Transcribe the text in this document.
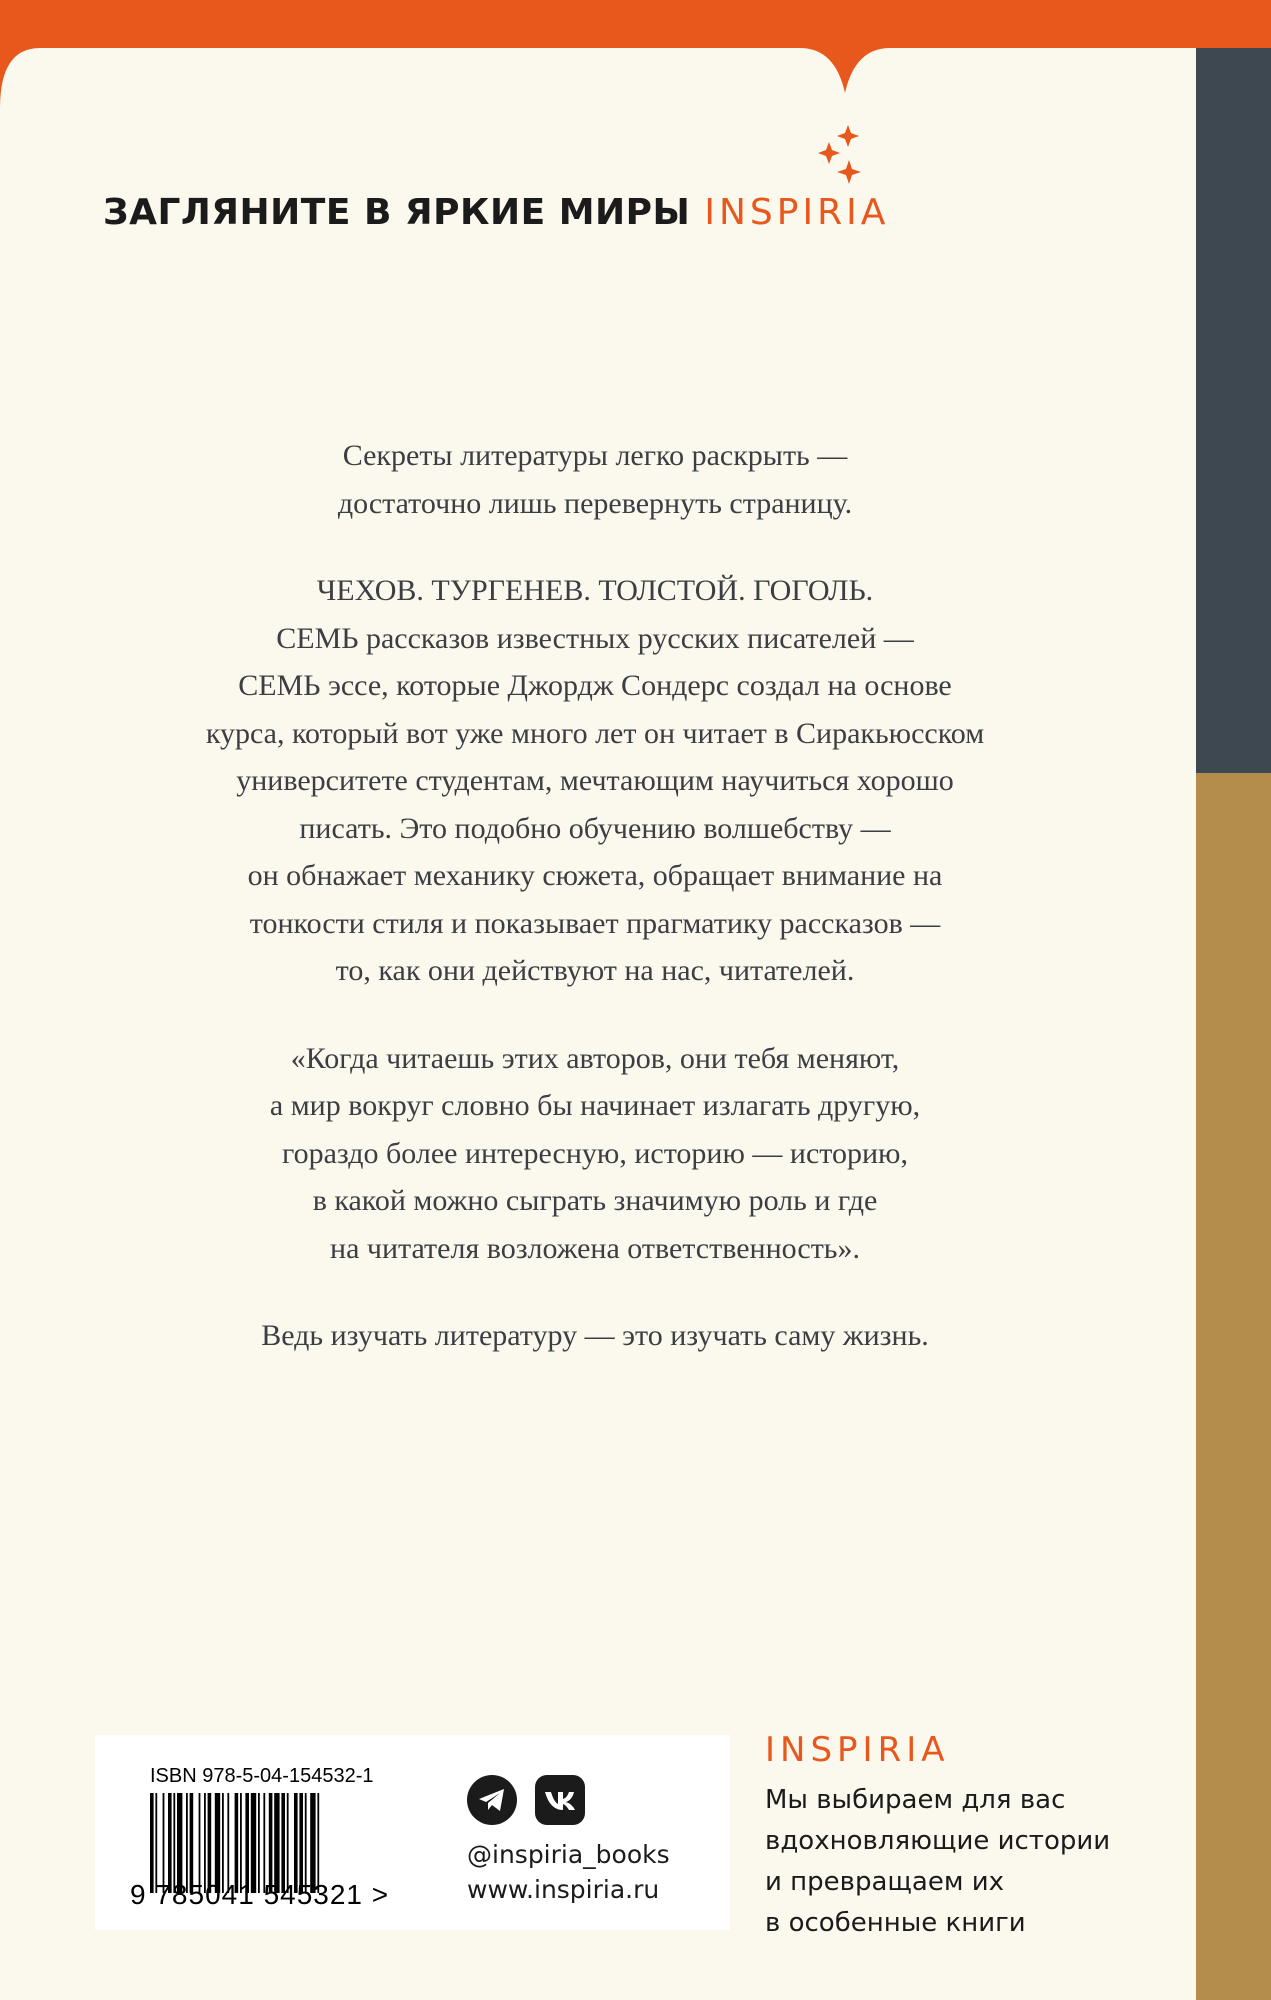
ЗАГЛЯНИТЕ В ЯРКИЕ МИРЫ INSPIRIA

Секреты литературы легко раскрыть —

достаточно лишь перевернуть страницу.

ЧЕХОВ. ТУРГЕНЕВ. ТОЛСТОЙ. ГОГОЛЬ.

СЕМЬ рассказов известных русских писателей —

СЕМЬ эссе, которые Джордж Сондерс создал на основе

курса, который вот уже много лет он читает в Сиракьюсском

университете студентам, мечтающим научиться хорошо

писать. Это подобно обучению волшебству —

он обнажает механику сюжета, обращает внимание на

тонкости стиля и показывает прагматику рассказов —

то, как они действуют на нас, читателей.

«Когда читаешь этих авторов, они тебя меняют,

а мир вокруг словно бы начинает излагать другую,

гораздо более интересную, историю — историю,

в какой можно сыграть значимую роль и где

на читателя возложена ответственность».

Ведь изучать литературу — это изучать саму жизнь.

ISBN 978-5-04-154532-1
9 785041 545321 >
@inspiria_books
www.inspiria.ru
INSPIRIA
Мы выбираем для вас
вдохновляющие истории
и превращаем их
в особенные книги
